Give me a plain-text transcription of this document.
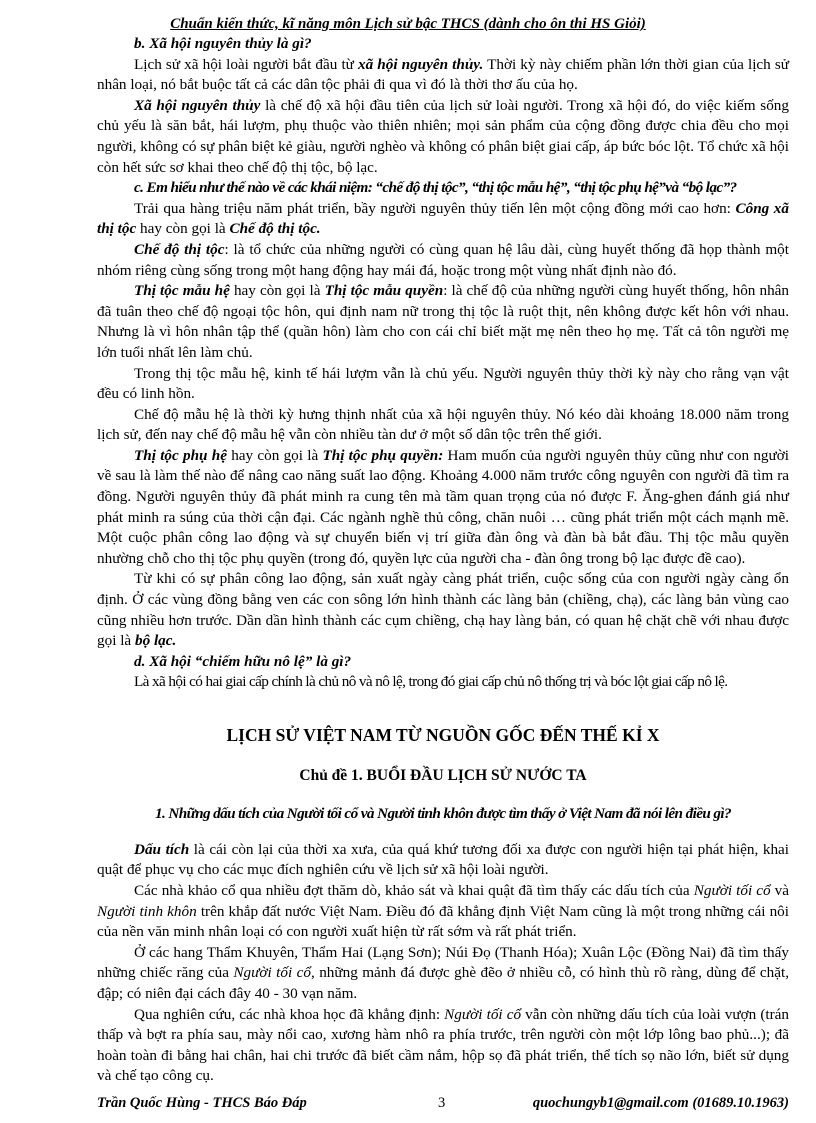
Chuẩn kiến thức, kĩ năng môn Lịch sử bậc THCS (dành cho ôn thi HS Giỏi)

b. Xã hội nguyên thủy là gì?

Lịch sử xã hội loài người bắt đầu từ xã hội nguyên thủy. Thời kỳ này chiếm phần lớn thời gian của lịch sử nhân loại, nó bắt buộc tất cả các dân tộc phải đi qua vì đó là thời thơ ấu của họ.

Xã hội nguyên thủy là chế độ xã hội đầu tiên của lịch sử loài người. Trong xã hội đó, do việc kiếm sống chủ yếu là săn bắt, hái lượm, phụ thuộc vào thiên nhiên; mọi sản phẩm của cộng đồng được chia đều cho mọi người, không có sự phân biệt kẻ giàu, người nghèo và không có phân biệt giai cấp, áp bức bóc lột. Tổ chức xã hội còn hết sức sơ khai theo chế độ thị tộc, bộ lạc.

c. Em hiểu như thế nào về các khái niệm: “chế độ thị tộc”, “thị tộc mẫu hệ”, “thị tộc phụ hệ”và “bộ lạc”?

Trải qua hàng triệu năm phát triển, bầy người nguyên thủy tiến lên một cộng đồng mới cao hơn: Công xã thị tộc hay còn gọi là Chế độ thị tộc.

Chế độ thị tộc: là tổ chức của những người có cùng quan hệ lâu dài, cùng huyết thống đã họp thành một nhóm riêng cùng sống trong một hang động hay mái đá, hoặc trong một vùng nhất định nào đó.

Thị tộc mẫu hệ hay còn gọi là Thị tộc mẫu quyền: là chế độ của những người cùng huyết thống, hôn nhân đã tuân theo chế độ ngoại tộc hôn, qui định nam nữ trong thị tộc là ruột thịt, nên không được kết hôn với nhau. Nhưng là vì hôn nhân tập thể (quần hôn) làm cho con cái chỉ biết mặt mẹ nên theo họ mẹ. Tất cả tôn người mẹ lớn tuổi nhất lên làm chủ.

Trong thị tộc mẫu hệ, kinh tế hái lượm vẫn là chủ yếu. Người nguyên thủy thời kỳ này cho rằng vạn vật đều có linh hồn.

Chế độ mẫu hệ là thời kỳ hưng thịnh nhất của xã hội nguyên thủy. Nó kéo dài khoảng 18.000 năm trong lịch sử, đến nay chế độ mẫu hệ vẫn còn nhiều tàn dư ở một số dân tộc trên thế giới.

Thị tộc phụ hệ hay còn gọi là Thị tộc phụ quyền: Ham muốn của người nguyên thủy cũng như con người về sau là làm thế nào để nâng cao năng suất lao động. Khoảng 4.000 năm trước công nguyên con người đã tìm ra đồng. Người nguyên thủy đã phát minh ra cung tên mà tầm quan trọng của nó được F. Ăng-ghen đánh giá như phát minh ra súng của thời cận đại. Các ngành nghề thủ công, chăn nuôi … cũng phát triển một cách mạnh mẽ. Một cuộc phân công lao động và sự chuyển biến vị trí giữa đàn ông và đàn bà bắt đầu. Thị tộc mẫu quyền nhường chỗ cho thị tộc phụ quyền (trong đó, quyền lực của người cha - đàn ông trong bộ lạc được đề cao).

Từ khi có sự phân công lao động, sản xuất ngày càng phát triển, cuộc sống của con người ngày càng ổn định. Ở các vùng đồng bằng ven các con sông lớn hình thành các làng bản (chiềng, chạ), các làng bản vùng cao cũng nhiều hơn trước. Dần dần hình thành các cụm chiềng, chạ hay làng bản, có quan hệ chặt chẽ với nhau được gọi là bộ lạc.

d. Xã hội “chiếm hữu nô lệ” là gì?

Là xã hội có hai giai cấp chính là chủ nô và nô lệ, trong đó giai cấp chủ nô thống trị và bóc lột giai cấp nô lệ.

LỊCH SỬ VIỆT NAM TỪ NGUỒN GỐC ĐẾN THẾ KỈ X
Chủ đề 1. BUỔI ĐẦU LỊCH SỬ NƯỚC TA

1. Những dấu tích của Người tối cổ và Người tinh khôn được tìm thấy ở Việt Nam đã nói lên điều gì?

Dấu tích là cái còn lại của thời xa xưa, của quá khứ tương đối xa được con người hiện tại phát hiện, khai quật để phục vụ cho các mục đích nghiên cứu về lịch sử xã hội loài người.

Các nhà khảo cổ qua nhiều đợt thăm dò, khảo sát và khai quật đã tìm thấy các dấu tích của Người tối cổ và Người tinh khôn trên khắp đất nước Việt Nam. Điều đó đã khẳng định Việt Nam cũng là một trong những cái nôi của nền văn minh nhân loại có con người xuất hiện từ rất sớm và rất phát triển.

Ở các hang Thẩm Khuyên, Thẩm Hai (Lạng Sơn); Núi Đọ (Thanh Hóa); Xuân Lộc (Đồng Nai) đã tìm thấy những chiếc răng của Người tối cổ, những mảnh đá được ghè đẽo ở nhiều cỗ, có hình thù rõ ràng, dùng để chặt, đập; có niên đại cách đây 40 - 30 vạn năm.

Qua nghiên cứu, các nhà khoa học đã khẳng định: Người tối cổ vẫn còn những dấu tích của loài vượn (trán thấp và bợt ra phía sau, mày nổi cao, xương hàm nhô ra phía trước, trên người còn một lớp lông bao phủ...); đã hoàn toàn đi bằng hai chân, hai chi trước đã biết cầm nắm, hộp sọ đã phát triển, thể tích sọ não lớn, biết sử dụng và chế tạo công cụ.

Trần Quốc Hùng - THCS Báo Đáp	3	quochungyb1@gmail.com (01689.10.1963)
